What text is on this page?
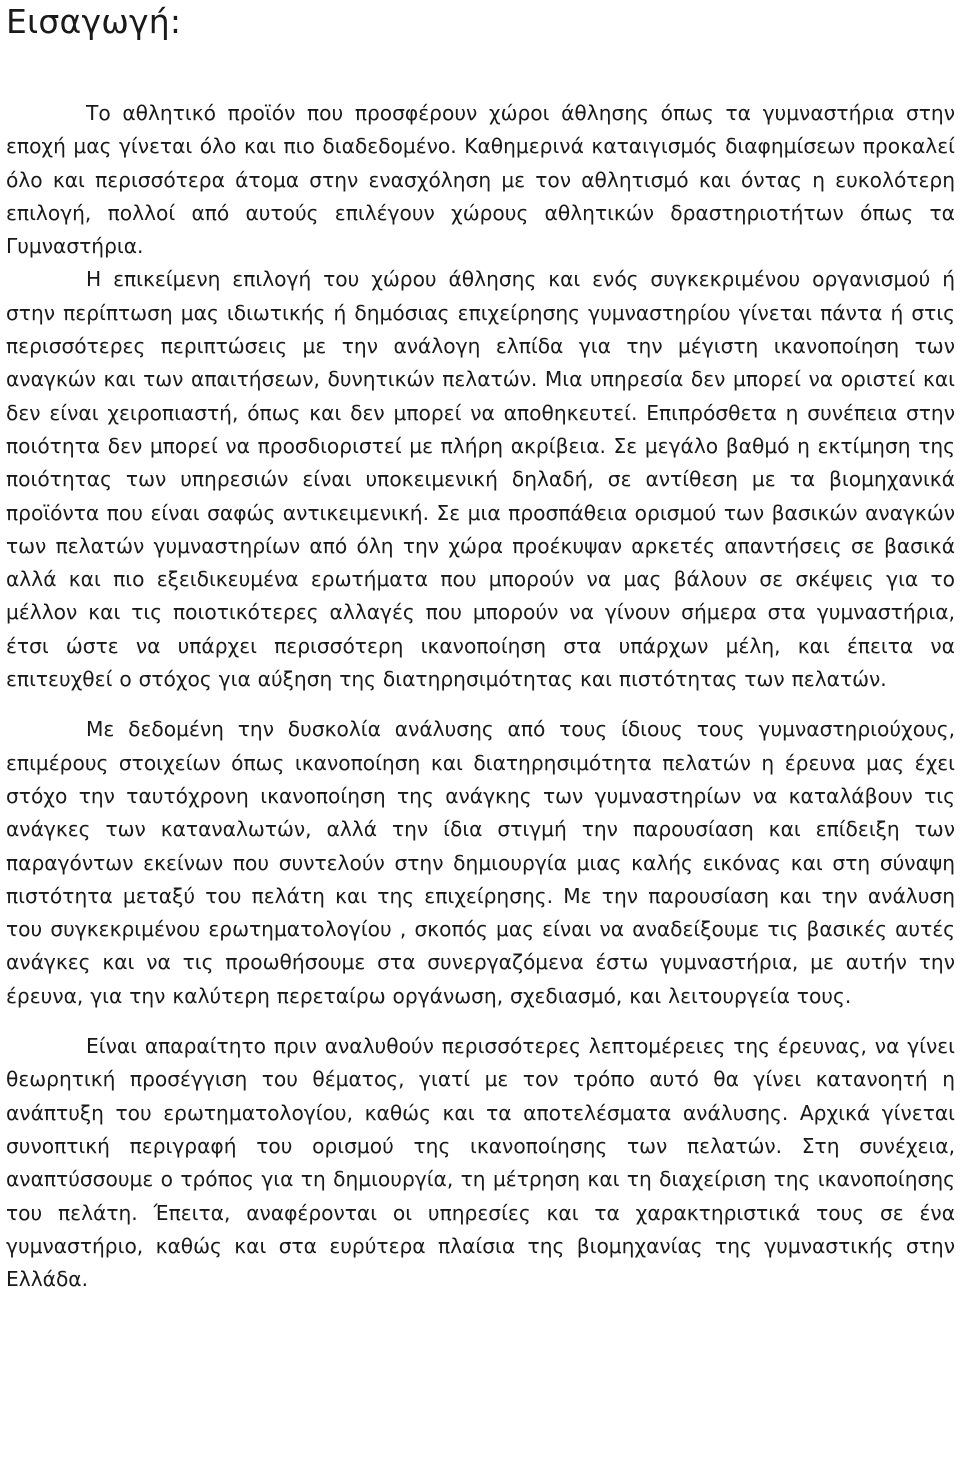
Εισαγωγή:

Το αθλητικό προϊόν που προσφέρουν χώροι άθλησης όπως τα γυμναστήρια στην εποχή μας γίνεται όλο και πιο διαδεδομένο. Καθημερινά καταιγισμός διαφημίσεων προκαλεί όλο και περισσότερα άτομα στην ενασχόληση με τον αθλητισμό και όντας η ευκολότερη επιλογή, πολλοί από αυτούς επιλέγουν χώρους αθλητικών δραστηριοτήτων όπως τα Γυμναστήρια.

Η επικείμενη επιλογή του χώρου άθλησης και ενός συγκεκριμένου οργανισμού ή στην περίπτωση μας ιδιωτικής ή δημόσιας επιχείρησης γυμναστηρίου γίνεται πάντα ή στις περισσότερες περιπτώσεις με την ανάλογη ελπίδα για την μέγιστη ικανοποίηση των αναγκών και των απαιτήσεων, δυνητικών πελατών. Μια υπηρεσία δεν μπορεί να οριστεί και δεν είναι χειροπιαστή, όπως και δεν μπορεί να αποθηκευτεί. Επιπρόσθετα η συνέπεια στην ποιότητα δεν μπορεί να προσδιοριστεί με πλήρη ακρίβεια. Σε μεγάλο βαθμό η εκτίμηση της ποιότητας των υπηρεσιών είναι υποκειμενική δηλαδή, σε αντίθεση με τα βιομηχανικά προϊόντα που είναι σαφώς αντικειμενική. Σε μια προσπάθεια ορισμού των βασικών αναγκών των πελατών γυμναστηρίων από όλη την χώρα προέκυψαν αρκετές απαντήσεις σε βασικά αλλά και πιο εξειδικευμένα ερωτήματα που μπορούν να μας βάλουν σε σκέψεις για το μέλλον και τις ποιοτικότερες αλλαγές που μπορούν να γίνουν σήμερα στα γυμναστήρια, έτσι ώστε να υπάρχει περισσότερη ικανοποίηση στα υπάρχων μέλη, και έπειτα να επιτευχθεί ο στόχος για αύξηση της διατηρησιμότητας και πιστότητας των πελατών.

Με δεδομένη την δυσκολία ανάλυσης από τους ίδιους τους γυμναστηριούχους, επιμέρους στοιχείων όπως ικανοποίηση και διατηρησιμότητα πελατών η έρευνα μας έχει στόχο την ταυτόχρονη ικανοποίηση της ανάγκης των γυμναστηρίων να καταλάβουν τις ανάγκες των καταναλωτών, αλλά την ίδια στιγμή την παρουσίαση και επίδειξη των παραγόντων εκείνων που συντελούν στην δημιουργία μιας καλής εικόνας και στη σύναψη πιστότητα μεταξύ του πελάτη και της επιχείρησης. Με την παρουσίαση και την ανάλυση του συγκεκριμένου ερωτηματολογίου , σκοπός μας είναι να αναδείξουμε τις βασικές αυτές ανάγκες και να τις προωθήσουμε στα συνεργαζόμενα έστω γυμναστήρια, με αυτήν την έρευνα, για την καλύτερη περεταίρω οργάνωση, σχεδιασμό, και λειτουργεία τους.

Είναι απαραίτητο πριν αναλυθούν περισσότερες λεπτομέρειες της έρευνας, να γίνει θεωρητική προσέγγιση του θέματος, γιατί με τον τρόπο αυτό θα γίνει κατανοητή η ανάπτυξη του ερωτηματολογίου, καθώς και τα αποτελέσματα ανάλυσης. Αρχικά γίνεται συνοπτική περιγραφή του ορισμού της ικανοποίησης των πελατών. Στη συνέχεια, αναπτύσσουμε ο τρόπος για τη δημιουργία, τη μέτρηση και τη διαχείριση της ικανοποίησης του πελάτη. Έπειτα, αναφέρονται οι υπηρεσίες και τα χαρακτηριστικά τους σε ένα γυμναστήριο, καθώς και στα ευρύτερα πλαίσια της βιομηχανίας της γυμναστικής στην Ελλάδα.
